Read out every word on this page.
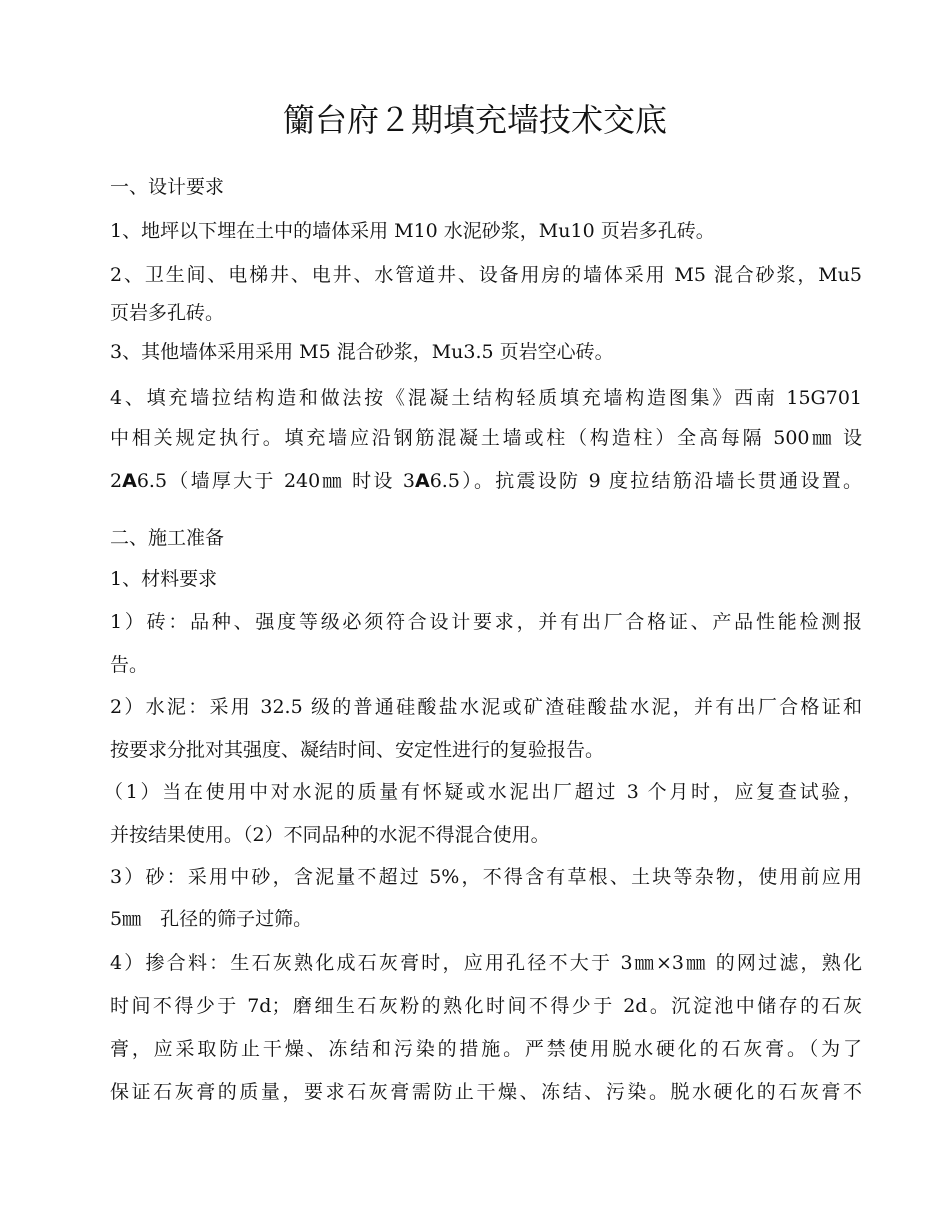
籣台府２期填充墙技术交底
一、设计要求
1、地坪以下埋在土中的墙体采用 M10 水泥砂浆，Mu10 页岩多孔砖。
2、卫生间、电梯井、电井、水管道井、设备用房的墙体采用 M5 混合砂浆，Mu5
页岩多孔砖。
3、其他墙体采用采用 M5 混合砂浆，Mu3.5 页岩空心砖。
4、填充墙拉结构造和做法按《混凝土结构轻质填充墙构造图集》西南 15G701
中相关规定执行。填充墙应沿钢筋混凝土墙或柱（构造柱）全高每隔 500㎜ 设
2A6.5（墙厚大于 240㎜ 时设 3A6.5）。抗震设防 9 度拉结筋沿墙长贯通设置。
二、施工准备
1、材料要求
1）砖：品种、强度等级必须符合设计要求，并有出厂合格证、产品性能检测报
告。
2）水泥：采用 32.5 级的普通硅酸盐水泥或矿渣硅酸盐水泥，并有出厂合格证和
按要求分批对其强度、凝结时间、安定性进行的复验报告。
（1）当在使用中对水泥的质量有怀疑或水泥出厂超过 3 个月时，应复查试验，
并按结果使用。（2）不同品种的水泥不得混合使用。
3）砂：采用中砂，含泥量不超过 5%，不得含有草根、土块等杂物，使用前应用
5㎜　孔径的筛子过筛。
4）掺合料：生石灰熟化成石灰膏时，应用孔径不大于 3㎜×3㎜ 的网过滤，熟化
时间不得少于 7d；磨细生石灰粉的熟化时间不得少于 2d。沉淀池中储存的石灰
膏，应采取防止干燥、冻结和污染的措施。严禁使用脱水硬化的石灰膏。（为了
保证石灰膏的质量，要求石灰膏需防止干燥、冻结、污染。脱水硬化的石灰膏不
